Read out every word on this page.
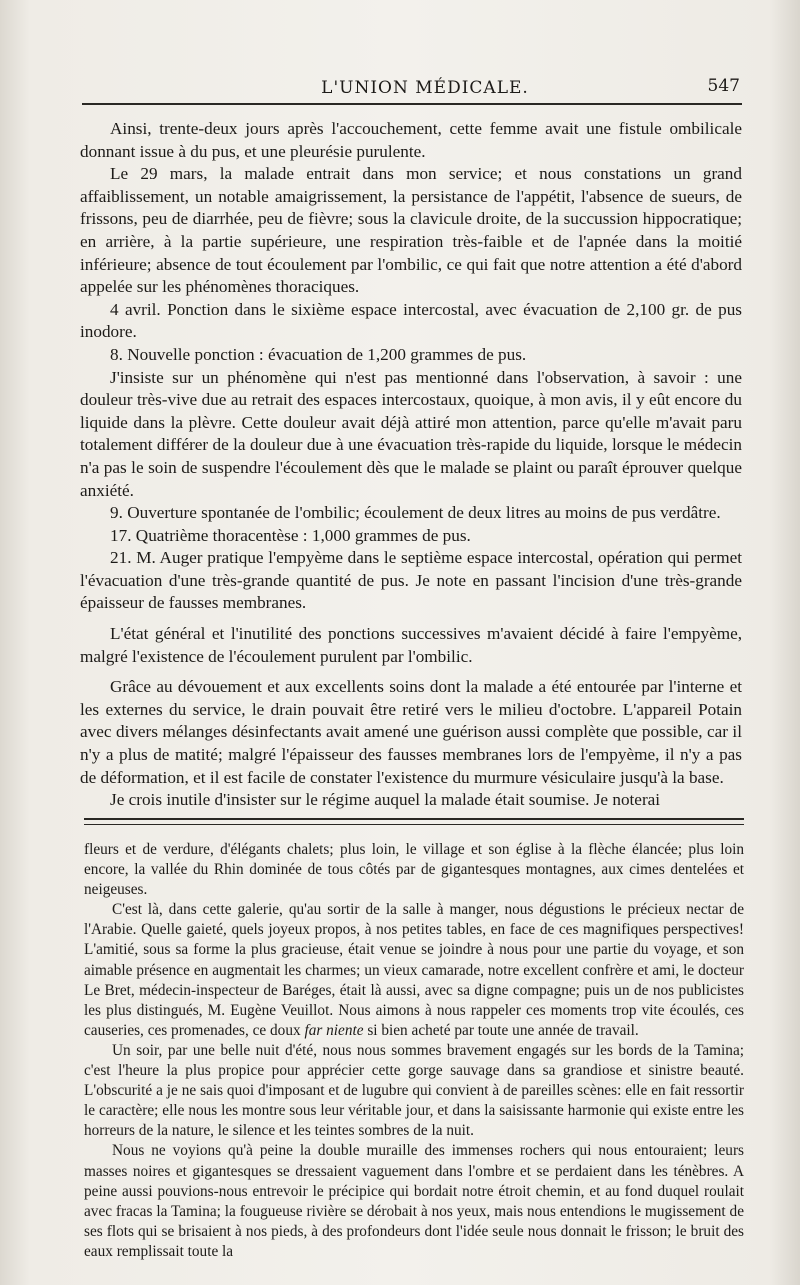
L'UNION MÉDICALE.	547

Ainsi, trente-deux jours après l'accouchement, cette femme avait une fistule ombilicale donnant issue à du pus, et une pleurésie purulente.

Le 29 mars, la malade entrait dans mon service; et nous constations un grand affaiblissement, un notable amaigrissement, la persistance de l'appétit, l'absence de sueurs, de frissons, peu de diarrhée, peu de fièvre; sous la clavicule droite, de la succussion hippocratique; en arrière, à la partie supérieure, une respiration très-faible et de l'apnée dans la moitié inférieure; absence de tout écoulement par l'ombilic, ce qui fait que notre attention a été d'abord appelée sur les phénomènes thoraciques.

4 avril. Ponction dans le sixième espace intercostal, avec évacuation de 2,100 gr. de pus inodore.

8. Nouvelle ponction : évacuation de 1,200 grammes de pus.

J'insiste sur un phénomène qui n'est pas mentionné dans l'observation, à savoir : une douleur très-vive due au retrait des espaces intercostaux, quoique, à mon avis, il y eût encore du liquide dans la plèvre. Cette douleur avait déjà attiré mon attention, parce qu'elle m'avait paru totalement différer de la douleur due à une évacuation très-rapide du liquide, lorsque le médecin n'a pas le soin de suspendre l'écoulement dès que le malade se plaint ou paraît éprouver quelque anxiété.

9. Ouverture spontanée de l'ombilic; écoulement de deux litres au moins de pus verdâtre.

17. Quatrième thoracentèse : 1,000 grammes de pus.

21. M. Auger pratique l'empyème dans le septième espace intercostal, opération qui permet l'évacuation d'une très-grande quantité de pus. Je note en passant l'incision d'une très-grande épaisseur de fausses membranes.

L'état général et l'inutilité des ponctions successives m'avaient décidé à faire l'empyème, malgré l'existence de l'écoulement purulent par l'ombilic.

Grâce au dévouement et aux excellents soins dont la malade a été entourée par l'interne et les externes du service, le drain pouvait être retiré vers le milieu d'octobre. L'appareil Potain avec divers mélanges désinfectants avait amené une guérison aussi complète que possible, car il n'y a plus de matité; malgré l'épaisseur des fausses membranes lors de l'empyème, il n'y a pas de déformation, et il est facile de constater l'existence du murmure vésiculaire jusqu'à la base.

Je crois inutile d'insister sur le régime auquel la malade était soumise. Je noterai

fleurs et de verdure, d'élégants chalets; plus loin, le village et son église à la flèche élancée; plus loin encore, la vallée du Rhin dominée de tous côtés par de gigantesques montagnes, aux cimes dentelées et neigeuses.

C'est là, dans cette galerie, qu'au sortir de la salle à manger, nous dégustions le précieux nectar de l'Arabie. Quelle gaieté, quels joyeux propos, à nos petites tables, en face de ces magnifiques perspectives! L'amitié, sous sa forme la plus gracieuse, était venue se joindre à nous pour une partie du voyage, et son aimable présence en augmentait les charmes; un vieux camarade, notre excellent confrère et ami, le docteur Le Bret, médecin-inspecteur de Baréges, était là aussi, avec sa digne compagne; puis un de nos publicistes les plus distingués, M. Eugène Veuillot. Nous aimons à nous rappeler ces moments trop vite écoulés, ces causeries, ces promenades, ce doux far niente si bien acheté par toute une année de travail.

Un soir, par une belle nuit d'été, nous nous sommes bravement engagés sur les bords de la Tamina; c'est l'heure la plus propice pour apprécier cette gorge sauvage dans sa grandiose et sinistre beauté. L'obscurité a je ne sais quoi d'imposant et de lugubre qui convient à de pareilles scènes: elle en fait ressortir le caractère; elle nous les montre sous leur véritable jour, et dans la saisissante harmonie qui existe entre les horreurs de la nature, le silence et les teintes sombres de la nuit.

Nous ne voyions qu'à peine la double muraille des immenses rochers qui nous entouraient; leurs masses noires et gigantesques se dressaient vaguement dans l'ombre et se perdaient dans les ténèbres. A peine aussi pouvions-nous entrevoir le précipice qui bordait notre étroit chemin, et au fond duquel roulait avec fracas la Tamina; la fougueuse rivière se dérobait à nos yeux, mais nous entendions le mugissement de ses flots qui se brisaient à nos pieds, à des profondeurs dont l'idée seule nous donnait le frisson; le bruit des eaux remplissait toute la
